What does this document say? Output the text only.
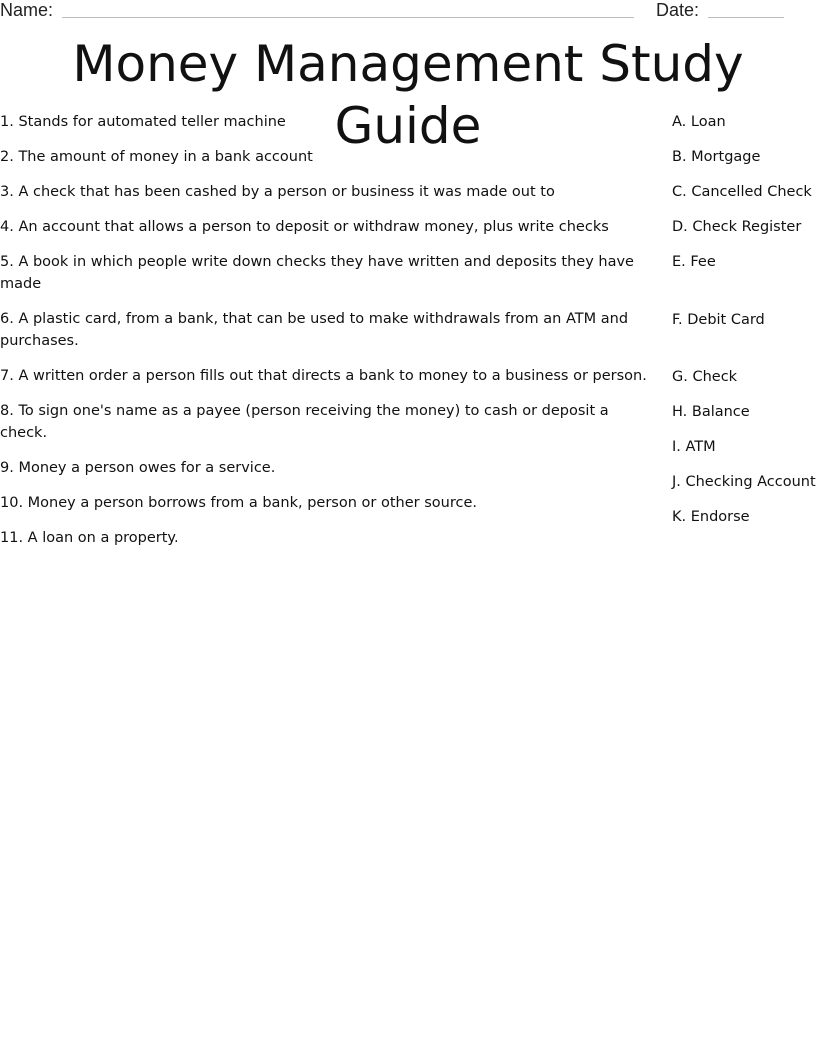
Name:	Date:
Money Management Study Guide
1. Stands for automated teller machine
2. The amount of money in a bank account
3. A check that has been cashed by a person or business it was made out to
4. An account that allows a person to deposit or withdraw money, plus write checks
5. A book in which people write down checks they have written and deposits they have made
6. A plastic card, from a bank, that can be used to make withdrawals from an ATM and purchases.
7. A written order a person fills out that directs a bank to money to a business or person.
8. To sign one's name as a payee (person receiving the money) to cash or deposit a check.
9. Money a person owes for a service.
10. Money a person borrows from a bank, person or other source.
11. A loan on a property.
A. Loan
B. Mortgage
C. Cancelled Check
D. Check Register
E. Fee
F. Debit Card
G. Check
H. Balance
I. ATM
J. Checking Account
K. Endorse
